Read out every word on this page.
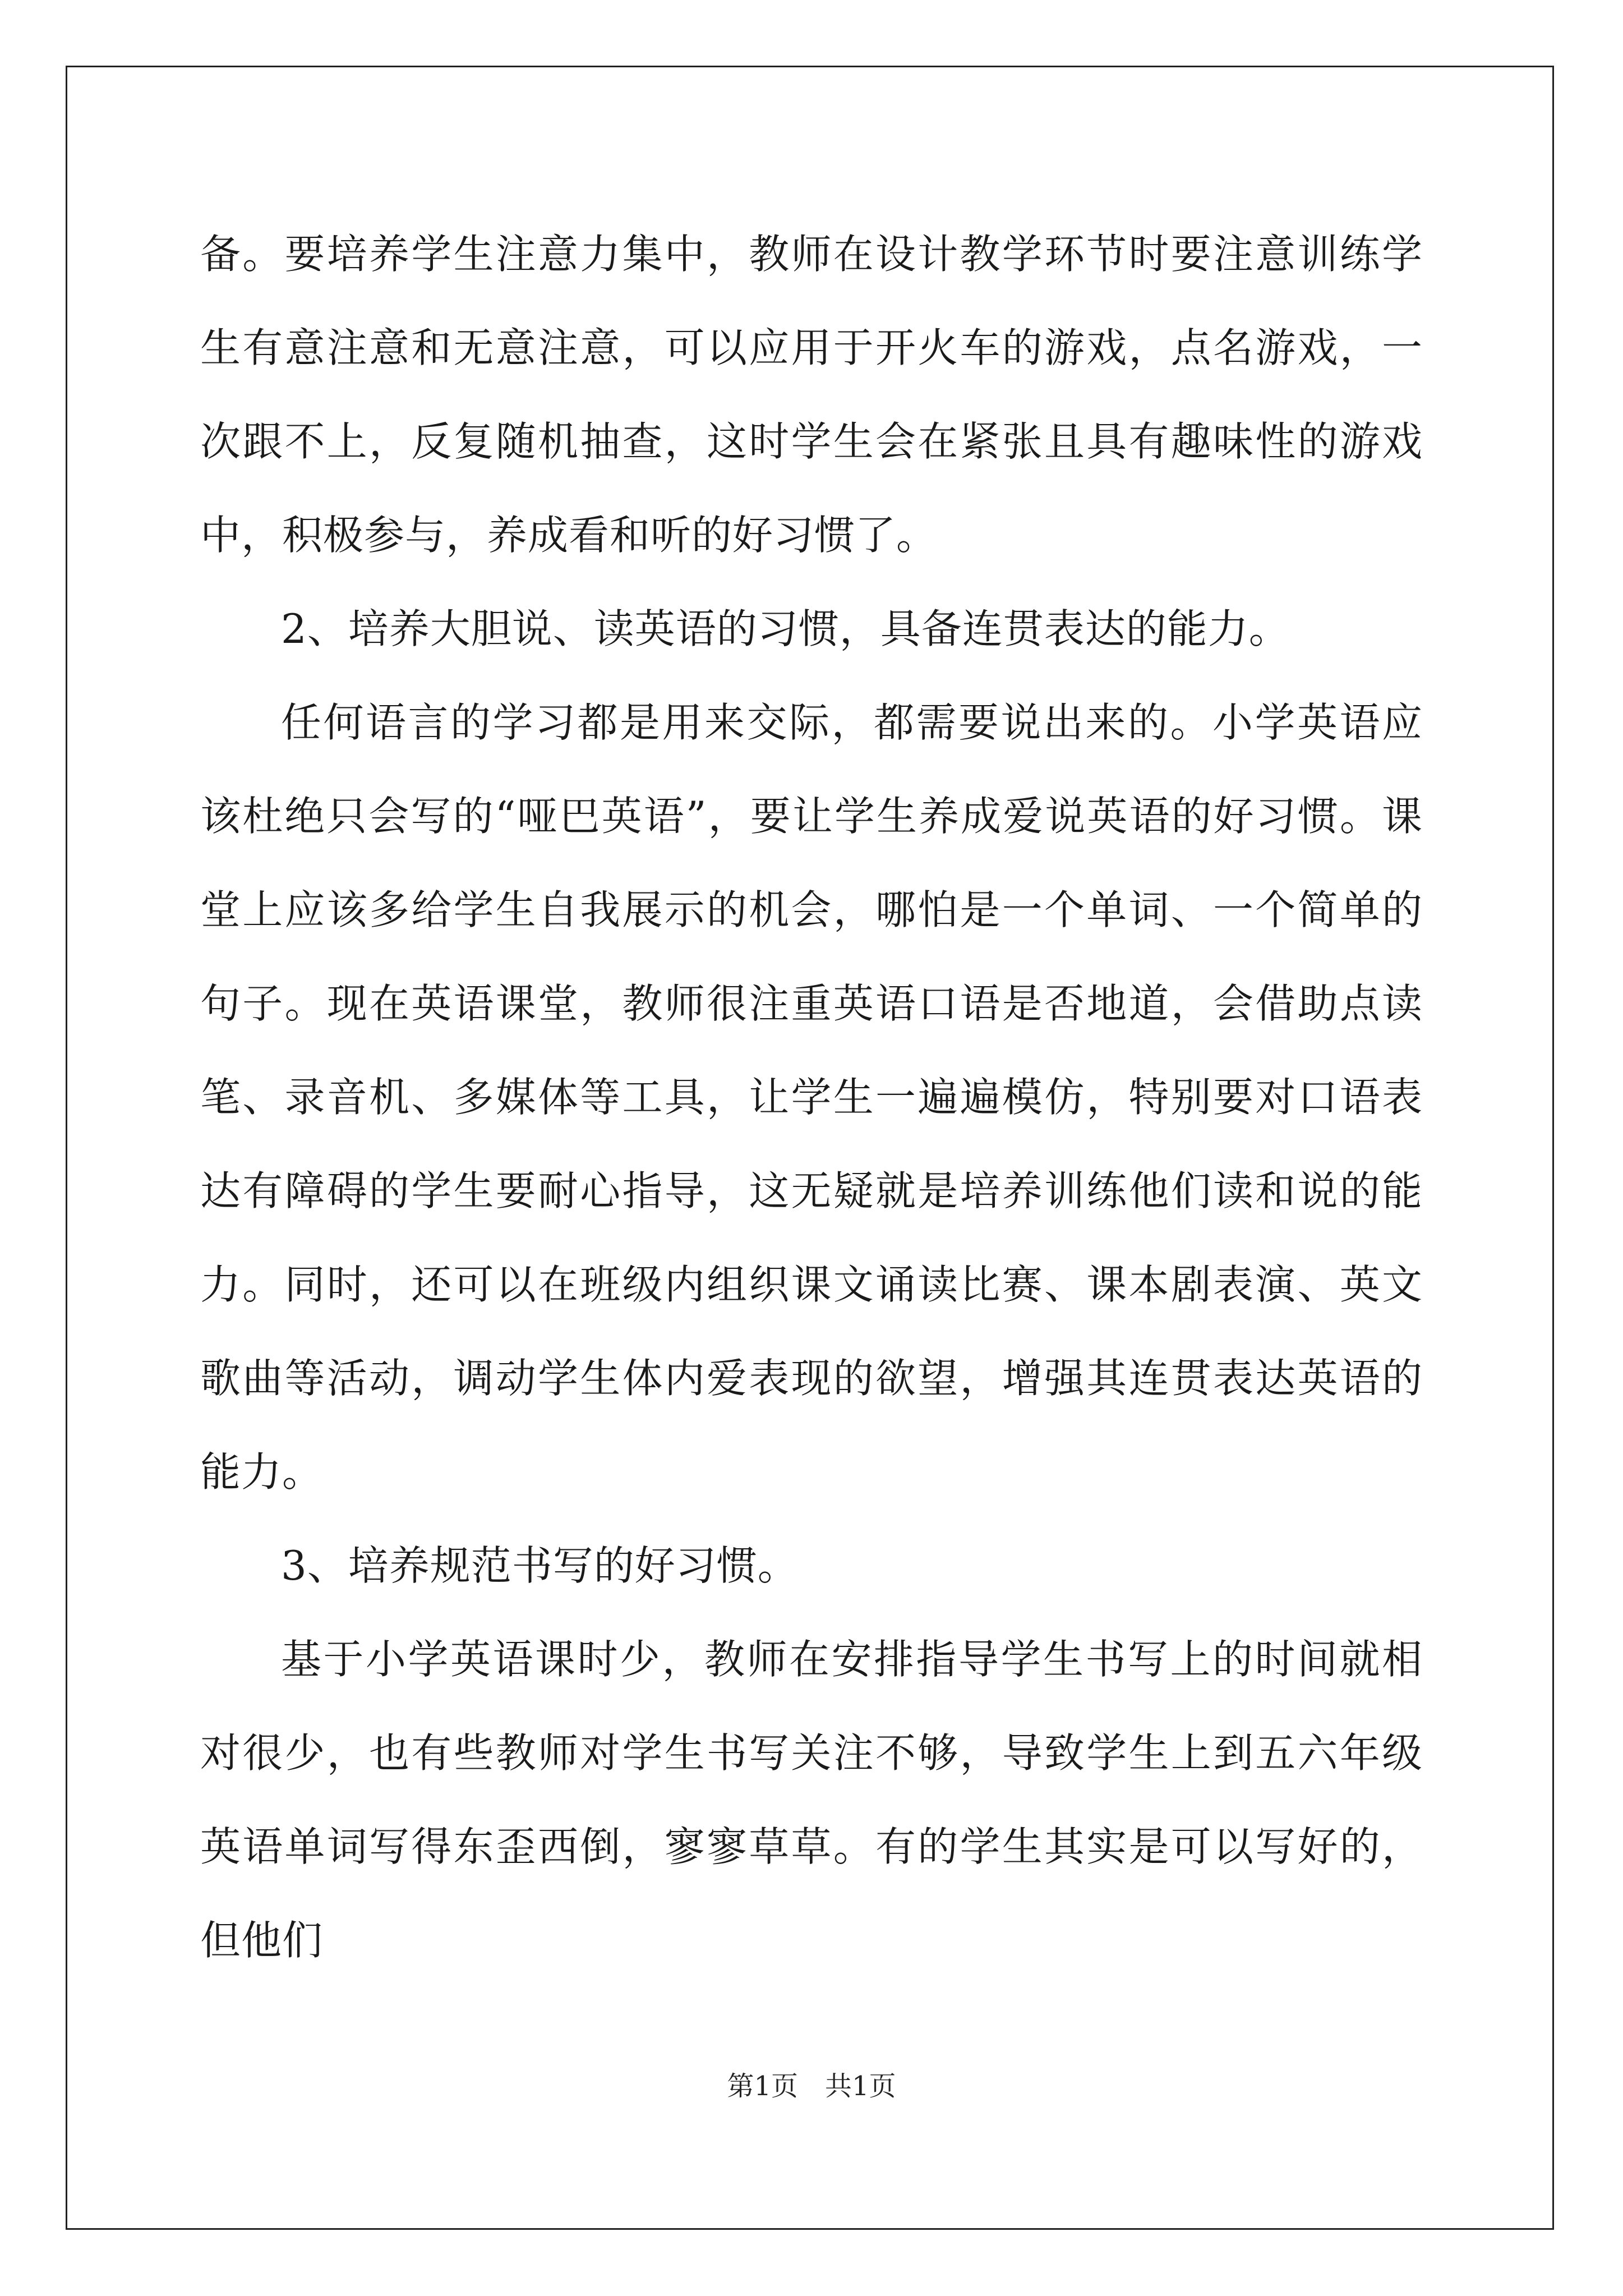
备。要培养学生注意力集中，教师在设计教学环节时要注意训练学生有意注意和无意注意，可以应用于开火车的游戏，点名游戏，一次跟不上，反复随机抽查，这时学生会在紧张且具有趣味性的游戏中，积极参与，养成看和听的好习惯了。

2、培养大胆说、读英语的习惯，具备连贯表达的能力。

任何语言的学习都是用来交际，都需要说出来的。小学英语应该杜绝只会写的“哑巴英语”，要让学生养成爱说英语的好习惯。课堂上应该多给学生自我展示的机会，哪怕是一个单词、一个简单的句子。现在英语课堂，教师很注重英语口语是否地道，会借助点读笔、录音机、多媒体等工具，让学生一遍遍模仿，特别要对口语表达有障碍的学生要耐心指导，这无疑就是培养训练他们读和说的能力。同时，还可以在班级内组织课文诵读比赛、课本剧表演、英文歌曲等活动，调动学生体内爱表现的欲望，增强其连贯表达英语的能力。

3、培养规范书写的好习惯。

基于小学英语课时少，教师在安排指导学生书写上的时间就相对很少，也有些教师对学生书写关注不够，导致学生上到五六年级英语单词写得东歪西倒，寥寥草草。有的学生其实是可以写好的，但他们

第1页　共1页
